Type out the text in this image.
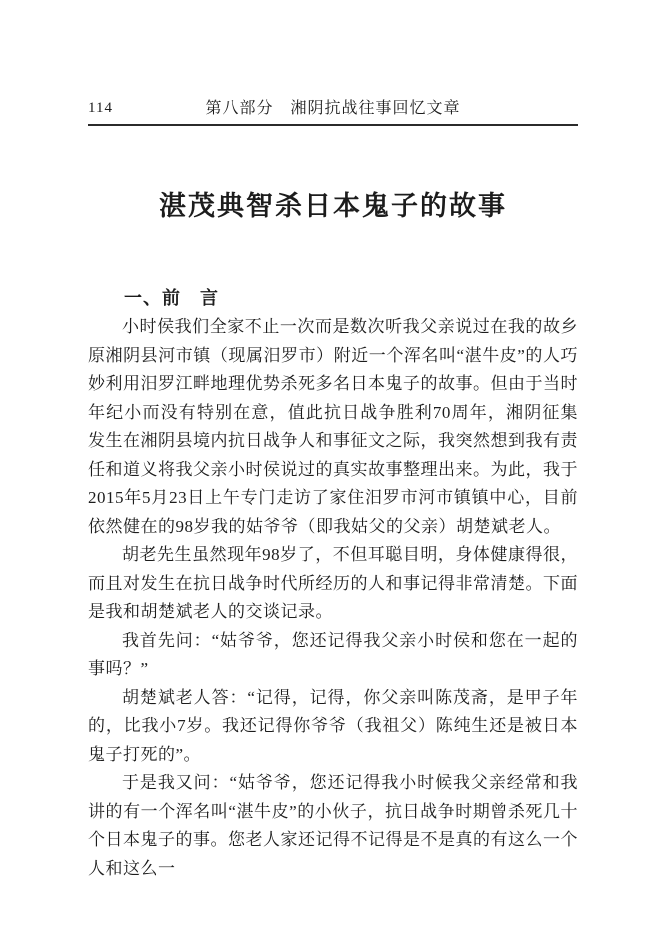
114	第八部分　湘阴抗战往事回忆文章
湛茂典智杀日本鬼子的故事
一、前　言

小时侯我们全家不止一次而是数次听我父亲说过在我的故乡原湘阴县河市镇（现属汨罗市）附近一个浑名叫“湛牛皮”的人巧妙利用汨罗江畔地理优势杀死多名日本鬼子的故事。但由于当时年纪小而没有特别在意，值此抗日战争胜利70周年，湘阴征集发生在湘阴县境内抗日战争人和事征文之际，我突然想到我有责任和道义将我父亲小时侯说过的真实故事整理出来。为此，我于2015年5月23日上午专门走访了家住汨罗市河市镇镇中心，目前依然健在的98岁我的姑爷爷（即我姑父的父亲）胡楚斌老人。

胡老先生虽然现年98岁了，不但耳聪目明，身体健康得很，而且对发生在抗日战争时代所经历的人和事记得非常清楚。下面是我和胡楚斌老人的交谈记录。

我首先问：“姑爷爷，您还记得我父亲小时侯和您在一起的事吗？”

胡楚斌老人答：“记得，记得，你父亲叫陈茂斋，是甲子年的，比我小7岁。我还记得你爷爷（我祖父）陈纯生还是被日本鬼子打死的”。

于是我又问：“姑爷爷，您还记得我小时候我父亲经常和我讲的有一个浑名叫“湛牛皮”的小伙子，抗日战争时期曾杀死几十个日本鬼子的事。您老人家还记得不记得是不是真的有这么一个人和这么一
